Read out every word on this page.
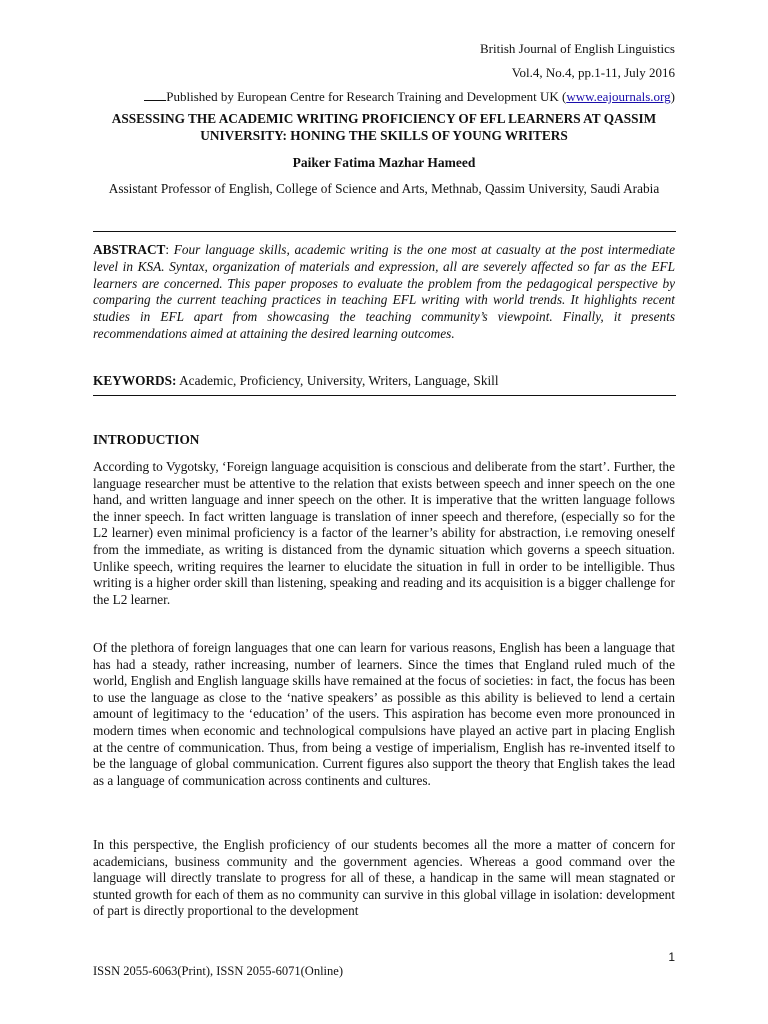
British Journal of English Linguistics
Vol.4, No.4, pp.1-11, July 2016
Published by European Centre for Research Training and Development UK (www.eajournals.org)
ASSESSING THE ACADEMIC WRITING PROFICIENCY OF EFL LEARNERS AT QASSIM UNIVERSITY: HONING THE SKILLS OF YOUNG WRITERS
Paiker Fatima Mazhar Hameed
Assistant Professor of English, College of Science and Arts, Methnab, Qassim University, Saudi Arabia
ABSTRACT: Four language skills, academic writing is the one most at casualty at the post intermediate level in KSA. Syntax, organization of materials and expression, all are severely affected so far as the EFL learners are concerned. This paper proposes to evaluate the problem from the pedagogical perspective by comparing the current teaching practices in teaching EFL writing with world trends. It highlights recent studies in EFL apart from showcasing the teaching community’s viewpoint. Finally, it presents recommendations aimed at attaining the desired learning outcomes.
KEYWORDS: Academic, Proficiency, University, Writers, Language, Skill
INTRODUCTION

According to Vygotsky, ‘Foreign language acquisition is conscious and deliberate from the start’. Further, the language researcher must be attentive to the relation that exists between speech and inner speech on the one hand, and written language and inner speech on the other. It is imperative that the written language follows the inner speech. In fact written language is translation of inner speech and therefore, (especially so for the L2 learner) even minimal proficiency is a factor of the learner’s ability for abstraction, i.e removing oneself from the immediate, as writing is distanced from the dynamic situation which governs a speech situation. Unlike speech, writing requires the learner to elucidate the situation in full in order to be intelligible. Thus writing is a higher order skill than listening, speaking and reading and its acquisition is a bigger challenge for the L2 learner.

Of the plethora of foreign languages that one can learn for various reasons, English has been a language that has had a steady, rather increasing, number of learners. Since the times that England ruled much of the world, English and English language skills have remained at the focus of societies: in fact, the focus has been to use the language as close to the ‘native speakers’ as possible as this ability is believed to lend a certain amount of legitimacy to the ‘education’ of the users. This aspiration has become even more pronounced in modern times when economic and technological compulsions have played an active part in placing English at the centre of communication. Thus, from being a vestige of imperialism, English has re-invented itself to be the language of global communication. Current figures also support the theory that English takes the lead as a language of communication across continents and cultures.

In this perspective, the English proficiency of our students becomes all the more a matter of concern for academicians, business community and the government agencies. Whereas a good command over the language will directly translate to progress for all of these, a handicap in the same will mean stagnated or stunted growth for each of them as no community can survive in this global village in isolation: development of part is directly proportional to the development

1
ISSN 2055-6063(Print), ISSN 2055-6071(Online)
